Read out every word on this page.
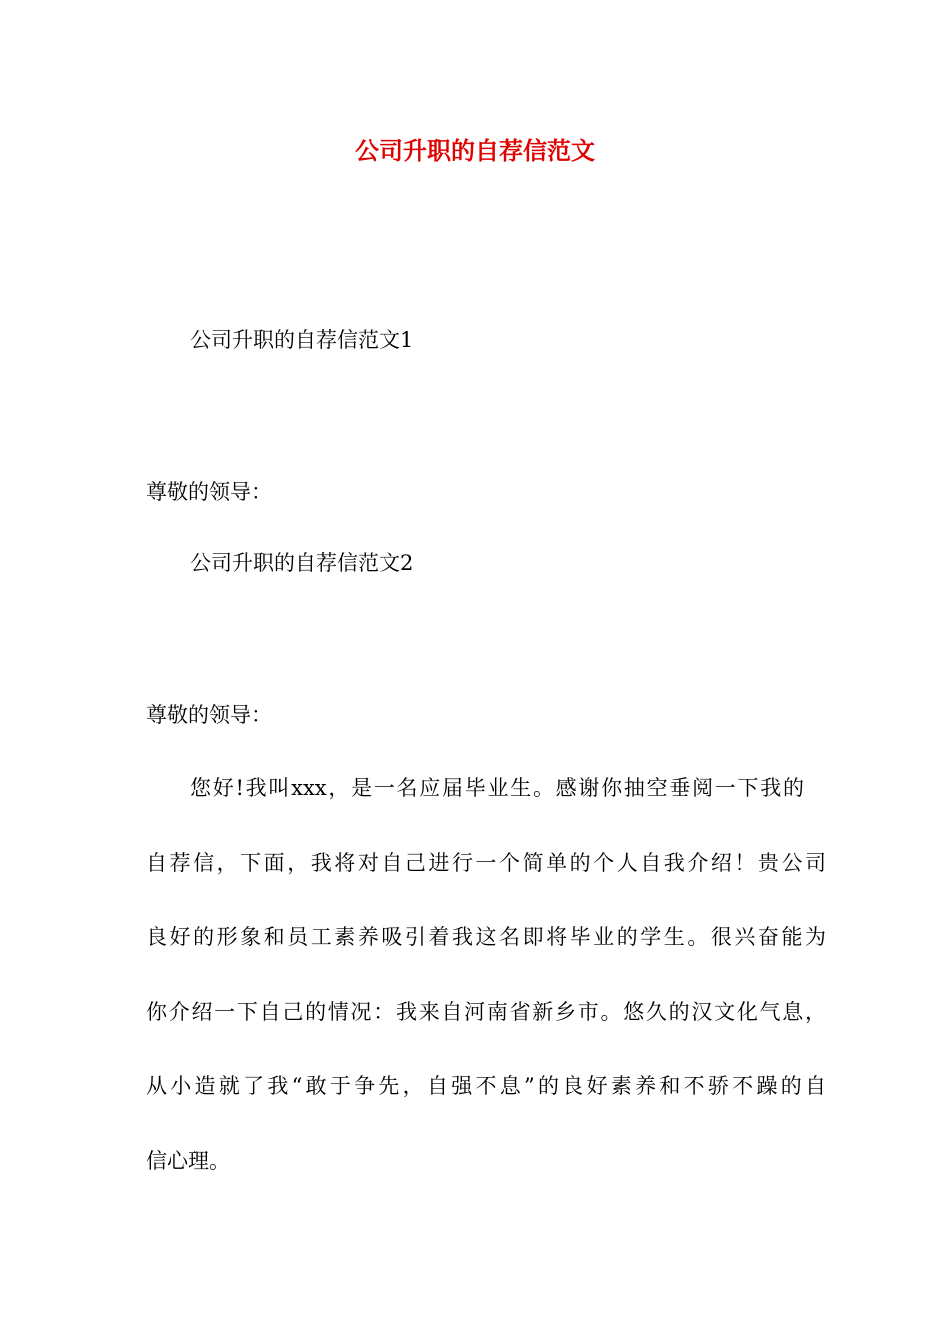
公司升职的自荐信范文

公司升职的自荐信范文1

尊敬的领导：

公司升职的自荐信范文2

尊敬的领导：

您好!我叫xxx，是一名应届毕业生。感谢你抽空垂阅一下我的

自荐信，下面，我将对自己进行一个简单的个人自我介绍！贵公司

良好的形象和员工素养吸引着我这名即将毕业的学生。很兴奋能为

你介绍一下自己的情况：我来自河南省新乡市。悠久的汉文化气息，

从小造就了我“敢于争先，自强不息”的良好素养和不骄不躁的自

信心理。
